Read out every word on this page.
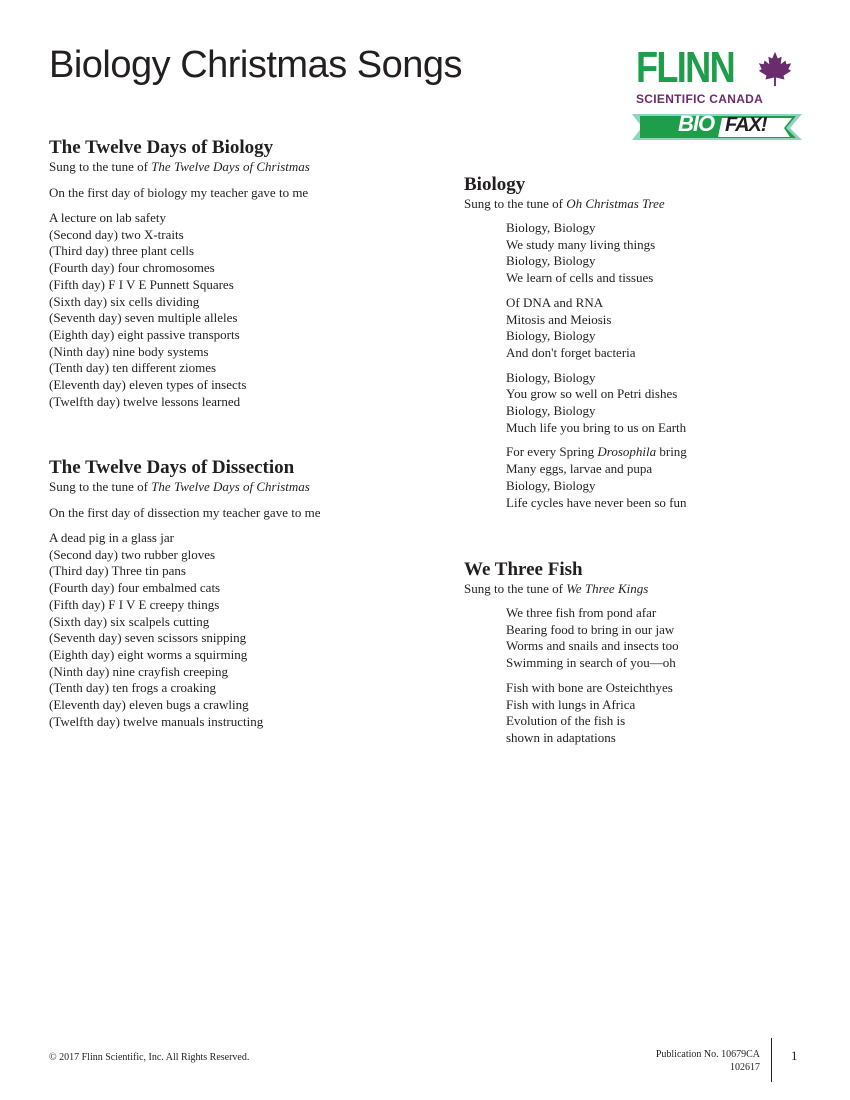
Biology Christmas Songs	FLINN
SCIENTIFIC CANADA
BIO FAX!
The Twelve Days of Biology
Sung to the tune of The Twelve Days of Christmas
On the first day of biology my teacher gave to me
A lecture on lab safety
(Second day) two X-traits
(Third day) three plant cells
(Fourth day) four chromosomes
(Fifth day) F I V E Punnett Squares
(Sixth day) six cells dividing
(Seventh day) seven multiple alleles
(Eighth day) eight passive transports
(Ninth day) nine body systems
(Tenth day) ten different ziomes
(Eleventh day) eleven types of insects
(Twelfth day) twelve lessons learned
The Twelve Days of Dissection
Sung to the tune of The Twelve Days of Christmas
On the first day of dissection my teacher gave to me
A dead pig in a glass jar
(Second day) two rubber gloves
(Third day) Three tin pans
(Fourth day) four embalmed cats
(Fifth day) F I V E creepy things
(Sixth day) six scalpels cutting
(Seventh day) seven scissors snipping
(Eighth day) eight worms a squirming
(Ninth day) nine crayfish creeping
(Tenth day) ten frogs a croaking
(Eleventh day) eleven bugs a crawling
(Twelfth day) twelve manuals instructing
Biology
Sung to the tune of Oh Christmas Tree
Biology, Biology
We study many living things
Biology, Biology
We learn of cells and tissues
Of DNA and RNA
Mitosis and Meiosis
Biology, Biology
And don't forget bacteria
Biology, Biology
You grow so well on Petri dishes
Biology, Biology
Much life you bring to us on Earth
For every Spring Drosophila bring
Many eggs, larvae and pupa
Biology, Biology
Life cycles have never been so fun
We Three Fish
Sung to the tune of We Three Kings
We three fish from pond afar
Bearing food to bring in our jaw
Worms and snails and insects too
Swimming in search of you—oh
Fish with bone are Osteichthyes
Fish with lungs in Africa
Evolution of the fish is
shown in adaptations
© 2017 Flinn Scientific, Inc. All Rights Reserved.	Publication No. 10679CA
102617
1
